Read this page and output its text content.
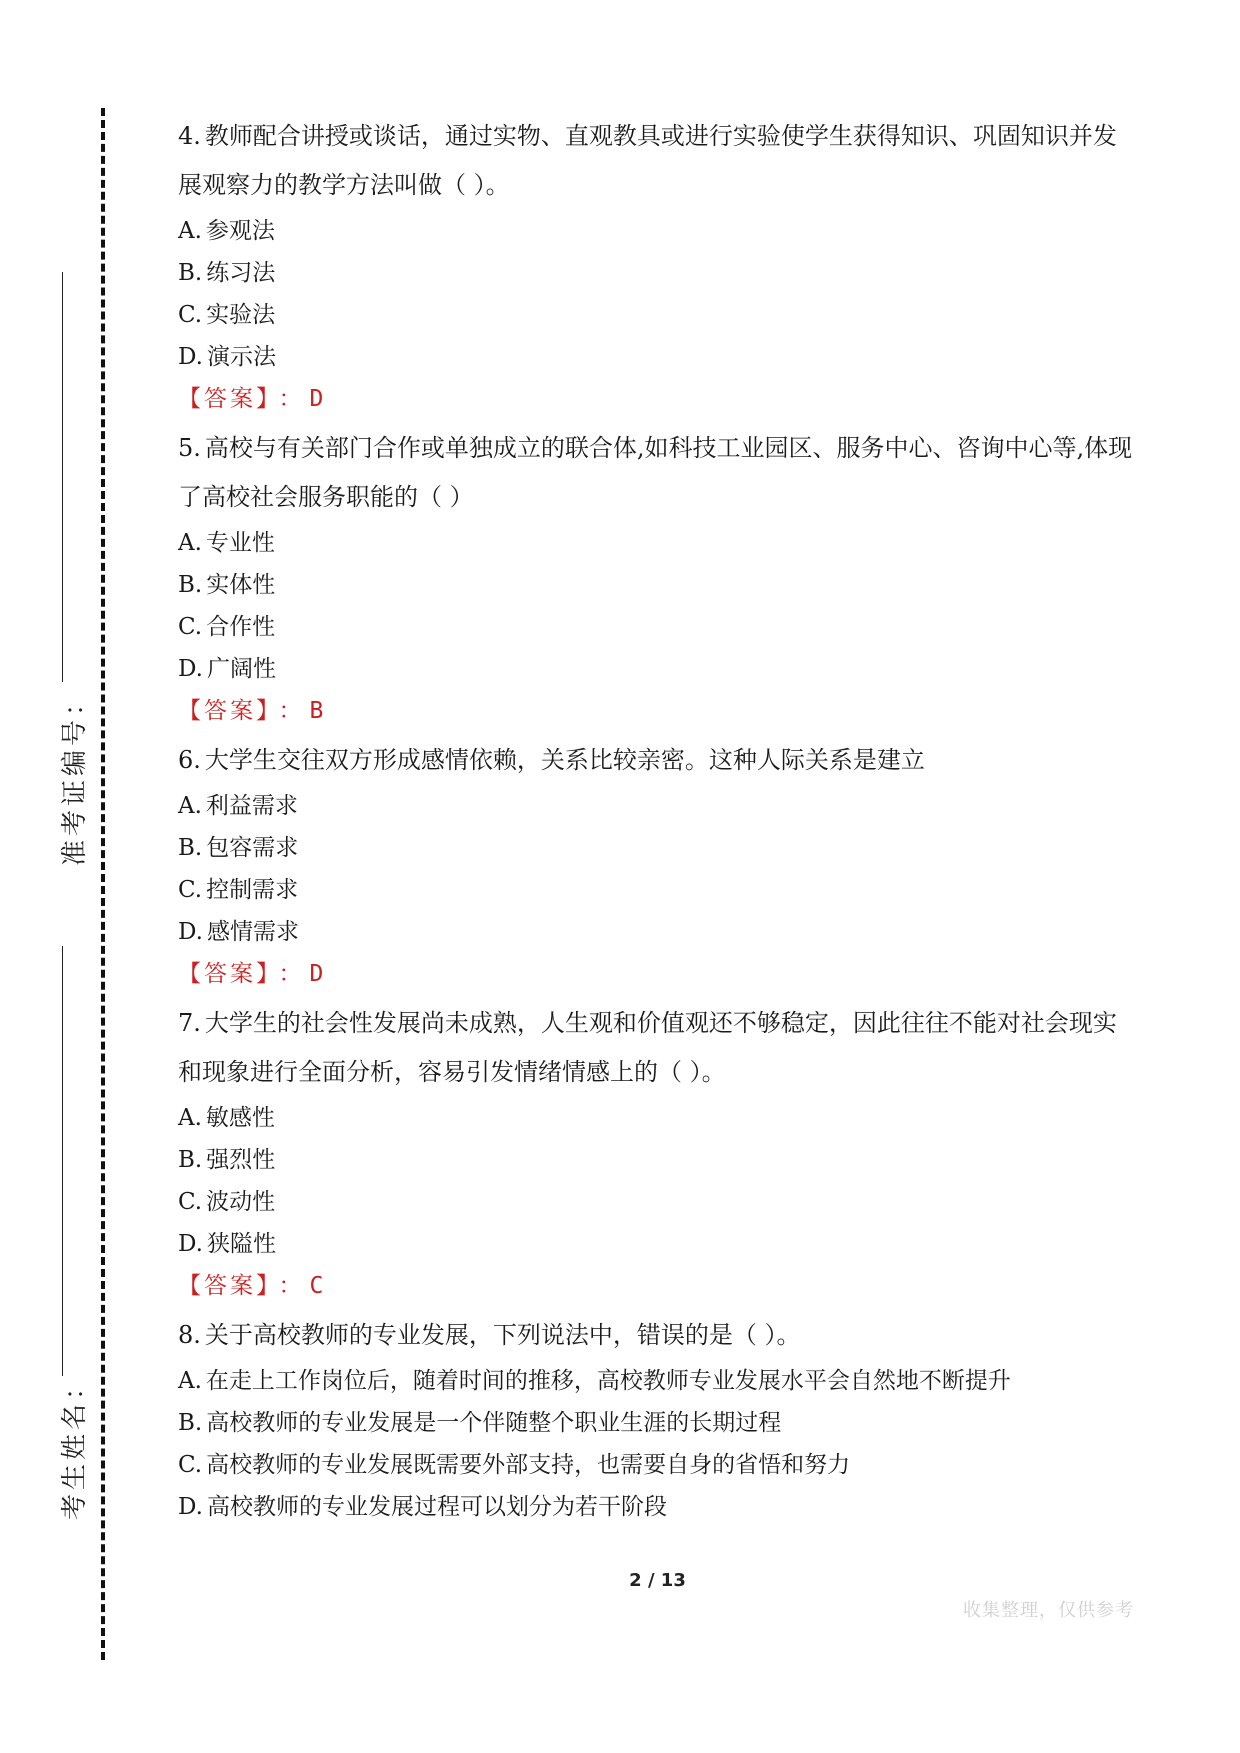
准考证编号：
考生姓名：

4. 教师配合讲授或谈话，通过实物、直观教具或进行实验使学生获得知识、巩固知识并发展观察力的教学方法叫做（ ）。

A. 参观法

B. 练习法

C. 实验法

D. 演示法

【答案】 ： D

5. 高校与有关部门合作或单独成立的联合体,如科技工业园区、服务中心、咨询中心等,体现了高校社会服务职能的（ ）

A. 专业性

B. 实体性

C. 合作性

D. 广阔性

【答案】 ： B

6. 大学生交往双方形成感情依赖，关系比较亲密。这种人际关系是建立

A. 利益需求

B. 包容需求

C. 控制需求

D. 感情需求

【答案】 ： D

7. 大学生的社会性发展尚未成熟，人生观和价值观还不够稳定，因此往往不能对社会现实和现象进行全面分析，容易引发情绪情感上的（ ）。

A. 敏感性

B. 强烈性

C. 波动性

D. 狭隘性

【答案】 ： C

8. 关于高校教师的专业发展，下列说法中，错误的是（ ）。

A. 在走上工作岗位后，随着时间的推移，高校教师专业发展水平会自然地不断提升

B. 高校教师的专业发展是一个伴随整个职业生涯的长期过程

C. 高校教师的专业发展既需要外部支持，也需要自身的省悟和努力

D. 高校教师的专业发展过程可以划分为若干阶段

2 / 13
收集整理，仅供参考
